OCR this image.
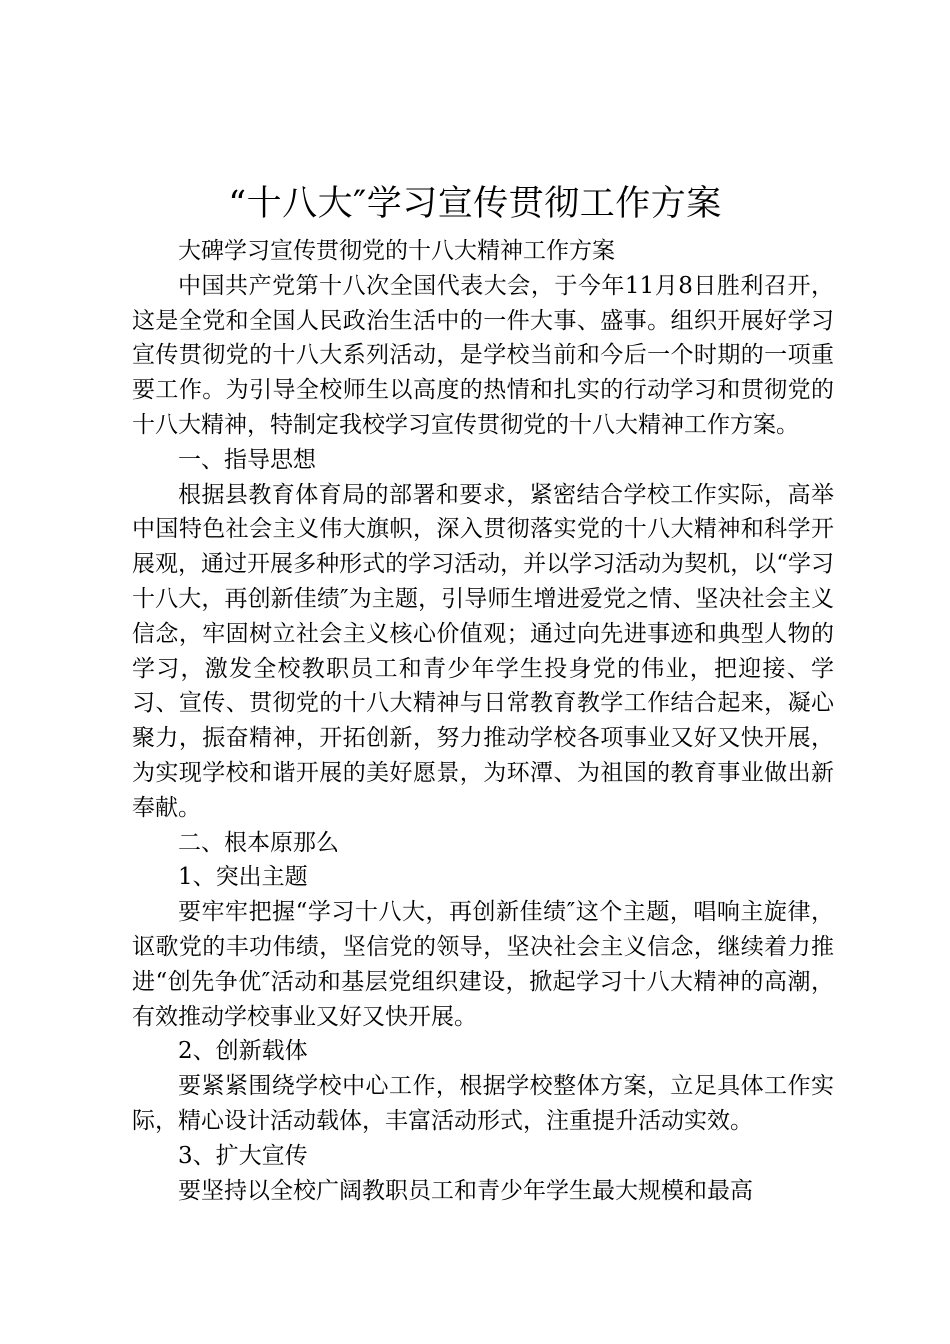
“十八大″学习宣传贯彻工作方案

大碑学习宣传贯彻党的十八大精神工作方案

中国共产党第十八次全国代表大会，于今年11月8日胜利召开，这是全党和全国人民政治生活中的一件大事、盛事。组织开展好学习宣传贯彻党的十八大系列活动，是学校当前和今后一个时期的一项重要工作。为引导全校师生以高度的热情和扎实的行动学习和贯彻党的十八大精神，特制定我校学习宣传贯彻党的十八大精神工作方案。

一、指导思想

根据县教育体育局的部署和要求，紧密结合学校工作实际，高举中国特色社会主义伟大旗帜，深入贯彻落实党的十八大精神和科学开展观，通过开展多种形式的学习活动，并以学习活动为契机，以“学习十八大，再创新佳绩″为主题，引导师生增进爱党之情、坚决社会主义信念，牢固树立社会主义核心价值观；通过向先进事迹和典型人物的学习，激发全校教职员工和青少年学生投身党的伟业，把迎接、学习、宣传、贯彻党的十八大精神与日常教育教学工作结合起来，凝心聚力，振奋精神，开拓创新，努力推动学校各项事业又好又快开展，为实现学校和谐开展的美好愿景，为环潭、为祖国的教育事业做出新奉献。

二、根本原那么

1、突出主题

要牢牢把握“学习十八大，再创新佳绩″这个主题，唱响主旋律，讴歌党的丰功伟绩，坚信党的领导，坚决社会主义信念，继续着力推进“创先争优″活动和基层党组织建设，掀起学习十八大精神的高潮，有效推动学校事业又好又快开展。

2、创新载体

要紧紧围绕学校中心工作，根据学校整体方案，立足具体工作实际，精心设计活动载体，丰富活动形式，注重提升活动实效。

3、扩大宣传

要坚持以全校广阔教职员工和青少年学生最大规模和最高
